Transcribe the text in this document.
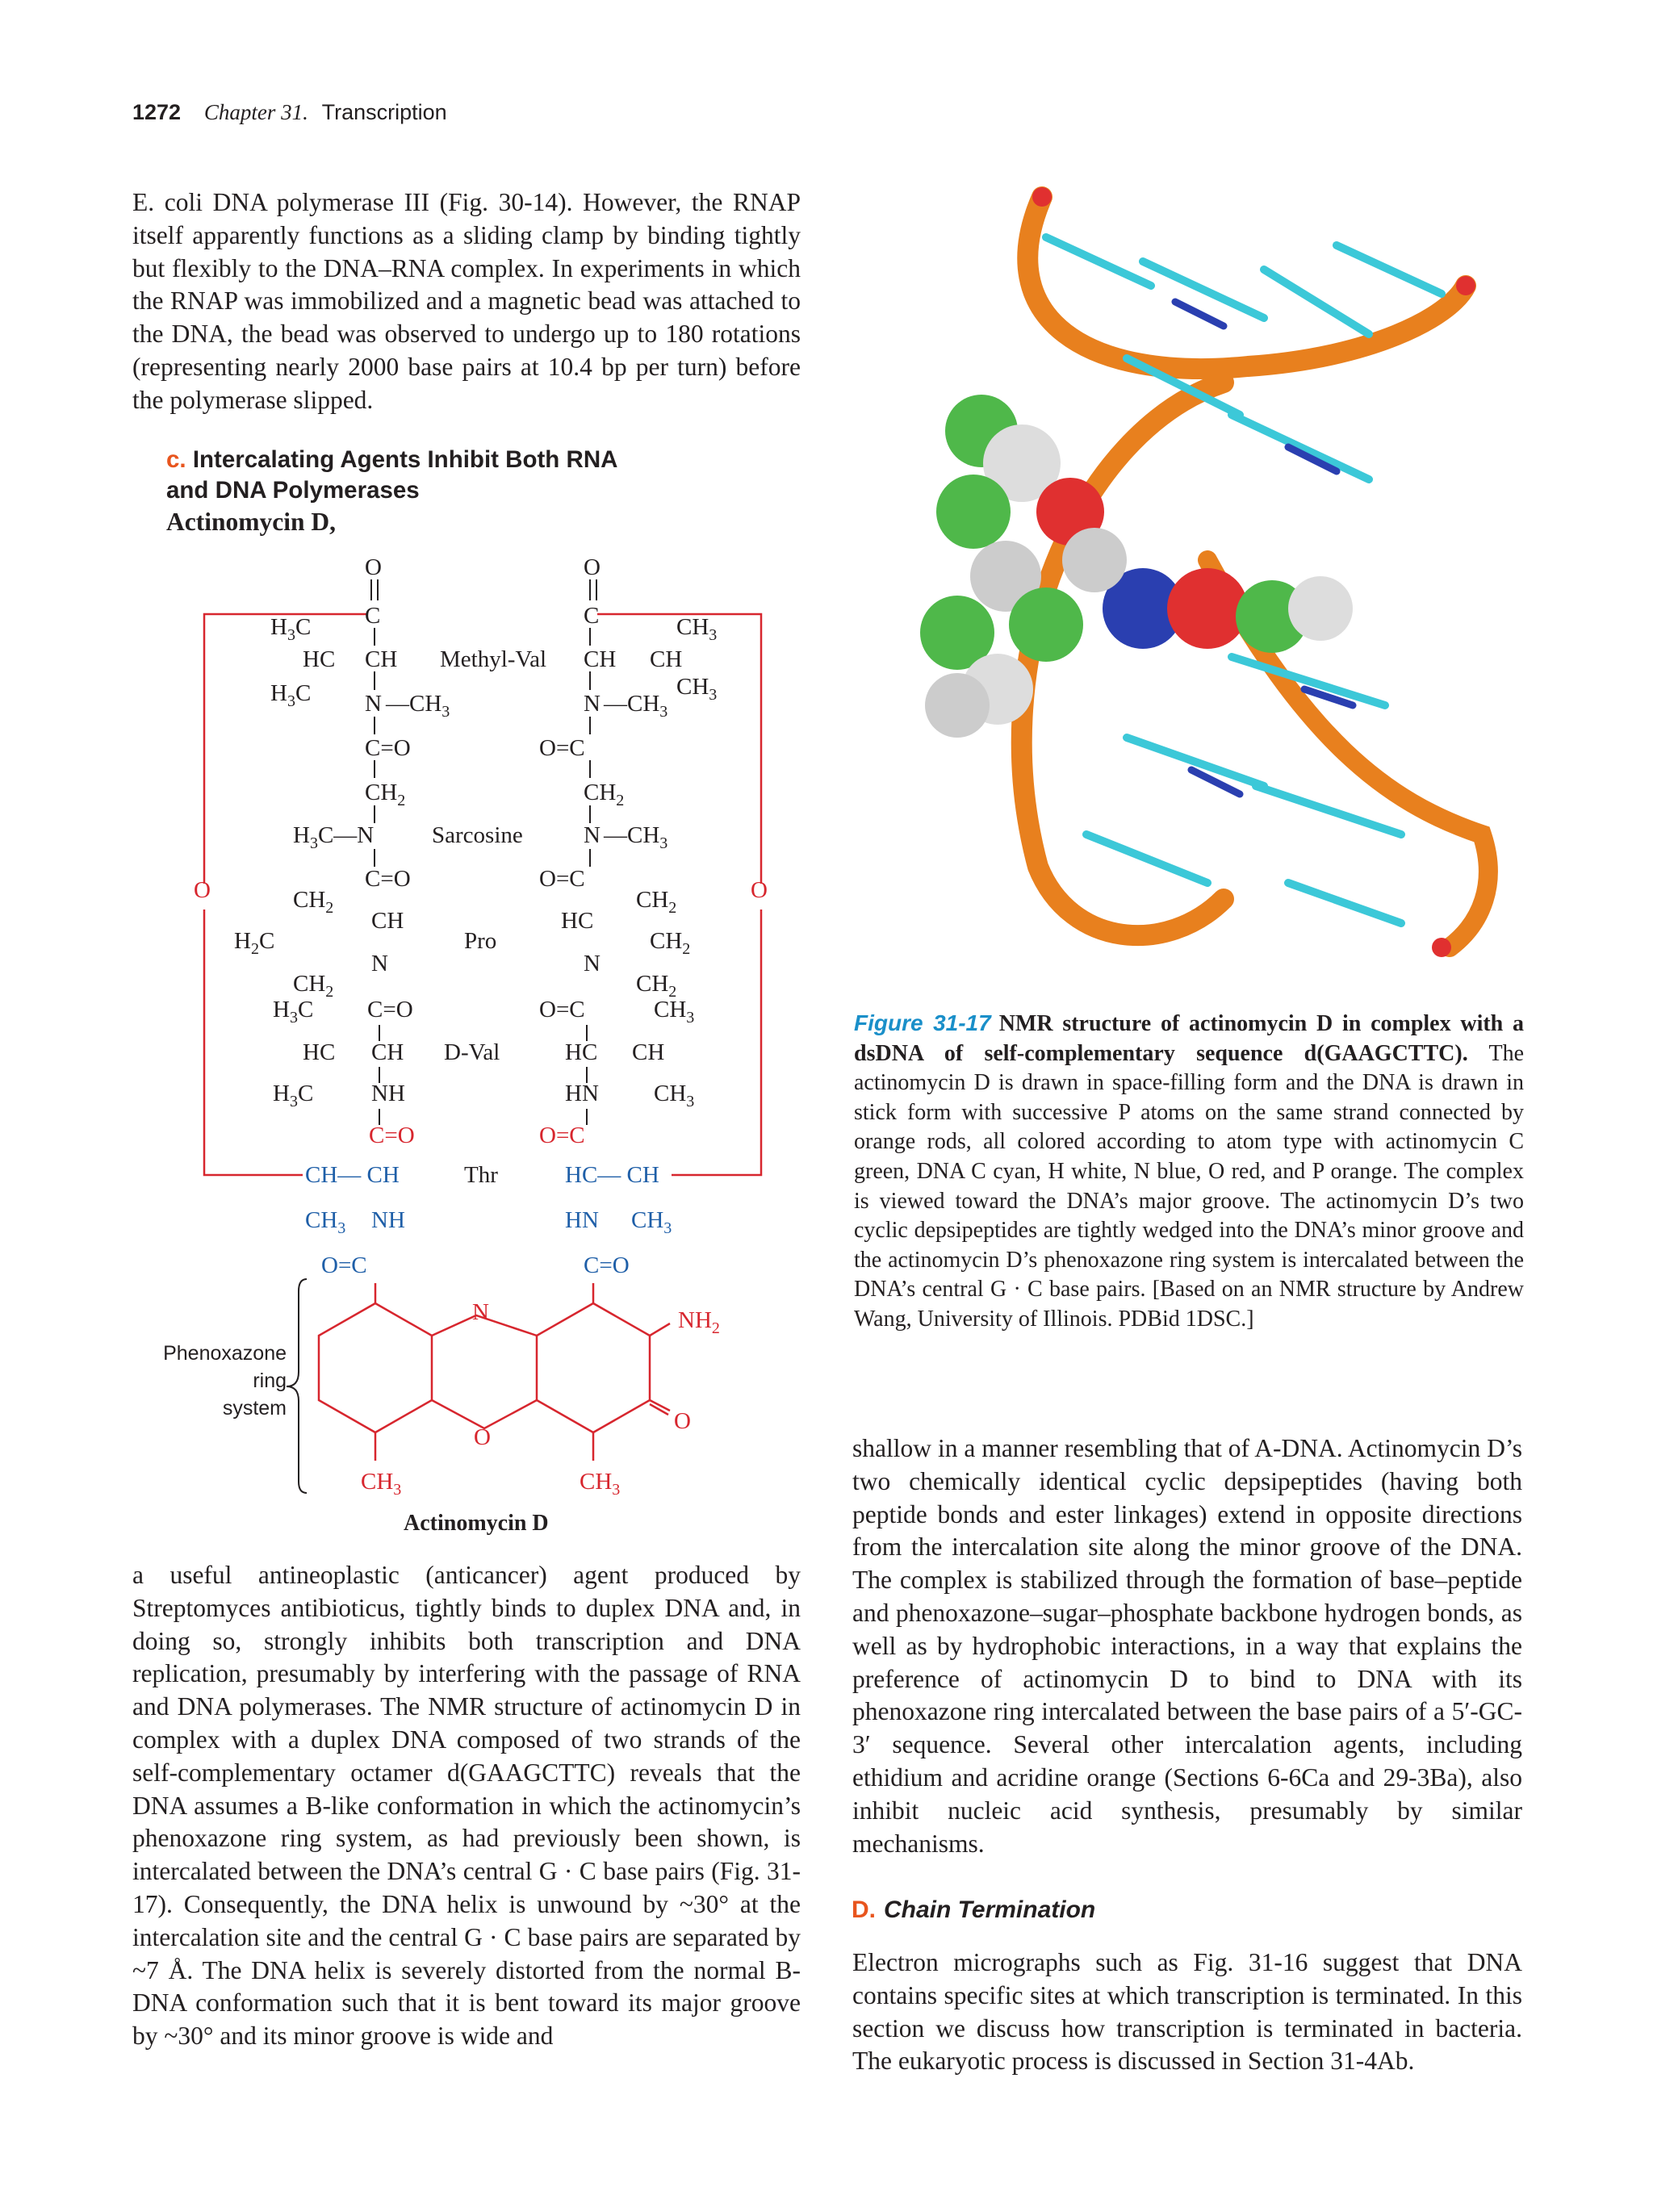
1272 Chapter 31. Transcription

E. coli DNA polymerase III (Fig. 30-14). However, the RNAP itself apparently functions as a sliding clamp by binding tightly but flexibly to the DNA–RNA complex. In experiments in which the RNAP was immobilized and a magnetic bead was attached to the DNA, the bead was observed to undergo up to 180 rotations (representing nearly 2000 base pairs at 10.4 bp per turn) before the polymerase slipped.

c. Intercalating Agents Inhibit Both RNA
and DNA Polymerases
Actinomycin D,
O	O
O
C
$H_3C$
HC CH
$H_3C$ N $—CH_3$
C=O
$CH_2$
$H_3C—N$
C=O
$CH_2$ CH
$H_2C$
N
$CH_2$
$H_3C$ C=O
HC CH
$H_3C$ NH
C=O
O
C	$CH_3$
CH CH
$CH_3$
N $—CH_3$
O=C
$CH_2$
N $—CH_3$
O=C
$CH_2$
HC
$CH_2$
N
$CH_2$
O=C	$CH_3$
HC CH
HN $CH_3$
O=C
Methyl-Val
Sarcosine
Pro
D-Val
Thr
CH— CH
$CH_3$ NH
O=C
HC— CH
HN $CH_3$
C=O
N	$NH_2$
O
O
$CH_3$	$CH_3$
Phenoxazone
ring
system
Actinomycin D

a useful antineoplastic (anticancer) agent produced by Streptomyces antibioticus, tightly binds to duplex DNA and, in doing so, strongly inhibits both transcription and DNA replication, presumably by interfering with the passage of RNA and DNA polymerases. The NMR structure of actinomycin D in complex with a duplex DNA composed of two strands of the self-complementary octamer d(GAAGCTTC) reveals that the DNA assumes a B-like conformation in which the actinomycin’s phenoxazone ring system, as had previously been shown, is intercalated between the DNA’s central G · C base pairs (Fig. 31-17). Consequently, the DNA helix is unwound by ~30° at the intercalation site and the central G · C base pairs are separated by ~7 Å. The DNA helix is severely distorted from the normal B-DNA conformation such that it is bent toward its major groove by ~30° and its minor groove is wide and

Figure 31-17 NMR structure of actinomycin D in complex with a dsDNA of self-complementary sequence d(GAAGCTTC). The actinomycin D is drawn in space-filling form and the DNA is drawn in stick form with successive P atoms on the same strand connected by orange rods, all colored according to atom type with actinomycin C green, DNA C cyan, H white, N blue, O red, and P orange. The complex is viewed toward the DNA’s major groove. The actinomycin D’s two cyclic depsipeptides are tightly wedged into the DNA’s minor groove and the actinomycin D’s phenoxazone ring system is intercalated between the DNA’s central G · C base pairs. [Based on an NMR structure by Andrew Wang, University of Illinois. PDBid 1DSC.]

shallow in a manner resembling that of A-DNA. Actinomycin D’s two chemically identical cyclic depsipeptides (having both peptide bonds and ester linkages) extend in opposite directions from the intercalation site along the minor groove of the DNA. The complex is stabilized through the formation of base–peptide and phenoxazone–sugar–phosphate backbone hydrogen bonds, as well as by hydrophobic interactions, in a way that explains the preference of actinomycin D to bind to DNA with its phenoxazone ring intercalated between the base pairs of a 5′-GC-3′ sequence. Several other intercalation agents, including ethidium and acridine orange (Sections 6-6Ca and 29-3Ba), also inhibit nucleic acid synthesis, presumably by similar mechanisms.

D. Chain Termination

Electron micrographs such as Fig. 31-16 suggest that DNA contains specific sites at which transcription is terminated. In this section we discuss how transcription is terminated in bacteria. The eukaryotic process is discussed in Section 31-4Ab.
